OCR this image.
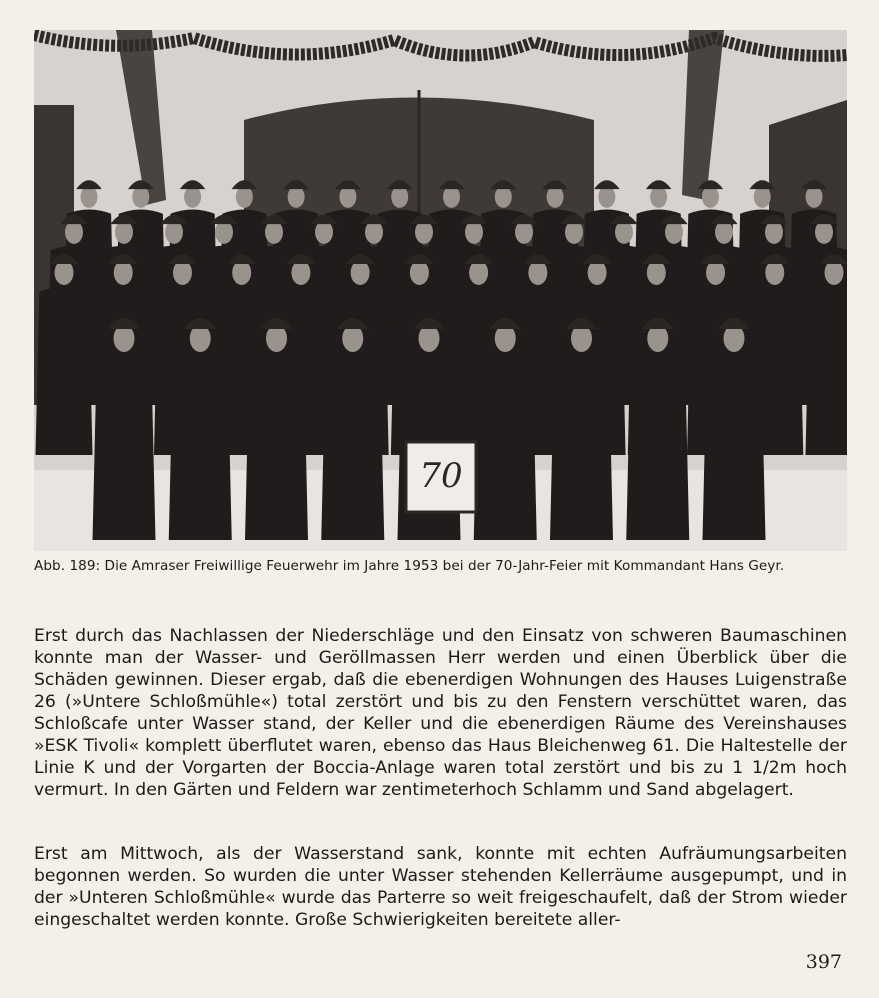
70
Abb. 189: Die Amraser Freiwillige Feuerwehr im Jahre 1953 bei der 70-Jahr-Feier mit Kommandant Hans Geyr.

Erst durch das Nachlassen der Niederschläge und den Einsatz von schweren Baumaschinen konnte man der Wasser- und Geröllmassen Herr werden und einen Überblick über die Schäden gewinnen. Dieser ergab, daß die ebenerdigen Wohnungen des Hauses Luigenstraße 26 (»Untere Schloßmühle«) total zerstört und bis zu den Fenstern verschüttet waren, das Schloßcafe unter Wasser stand, der Keller und die ebenerdigen Räume des Vereinshauses »ESK Tivoli« komplett überflutet waren, ebenso das Haus Bleichenweg 61. Die Haltestelle der Linie K und der Vorgarten der Boccia-Anlage waren total zerstört und bis zu 1 1/2m hoch vermurt. In den Gärten und Feldern war zentimeterhoch Schlamm und Sand abgelagert.

Erst am Mittwoch, als der Wasserstand sank, konnte mit echten Aufräumungsarbeiten begonnen werden. So wurden die unter Wasser stehenden Kellerräume ausgepumpt, und in der »Unteren Schloßmühle« wurde das Parterre so weit freigeschaufelt, daß der Strom wieder eingeschaltet werden konnte. Große Schwierigkeiten bereitete aller-

397
